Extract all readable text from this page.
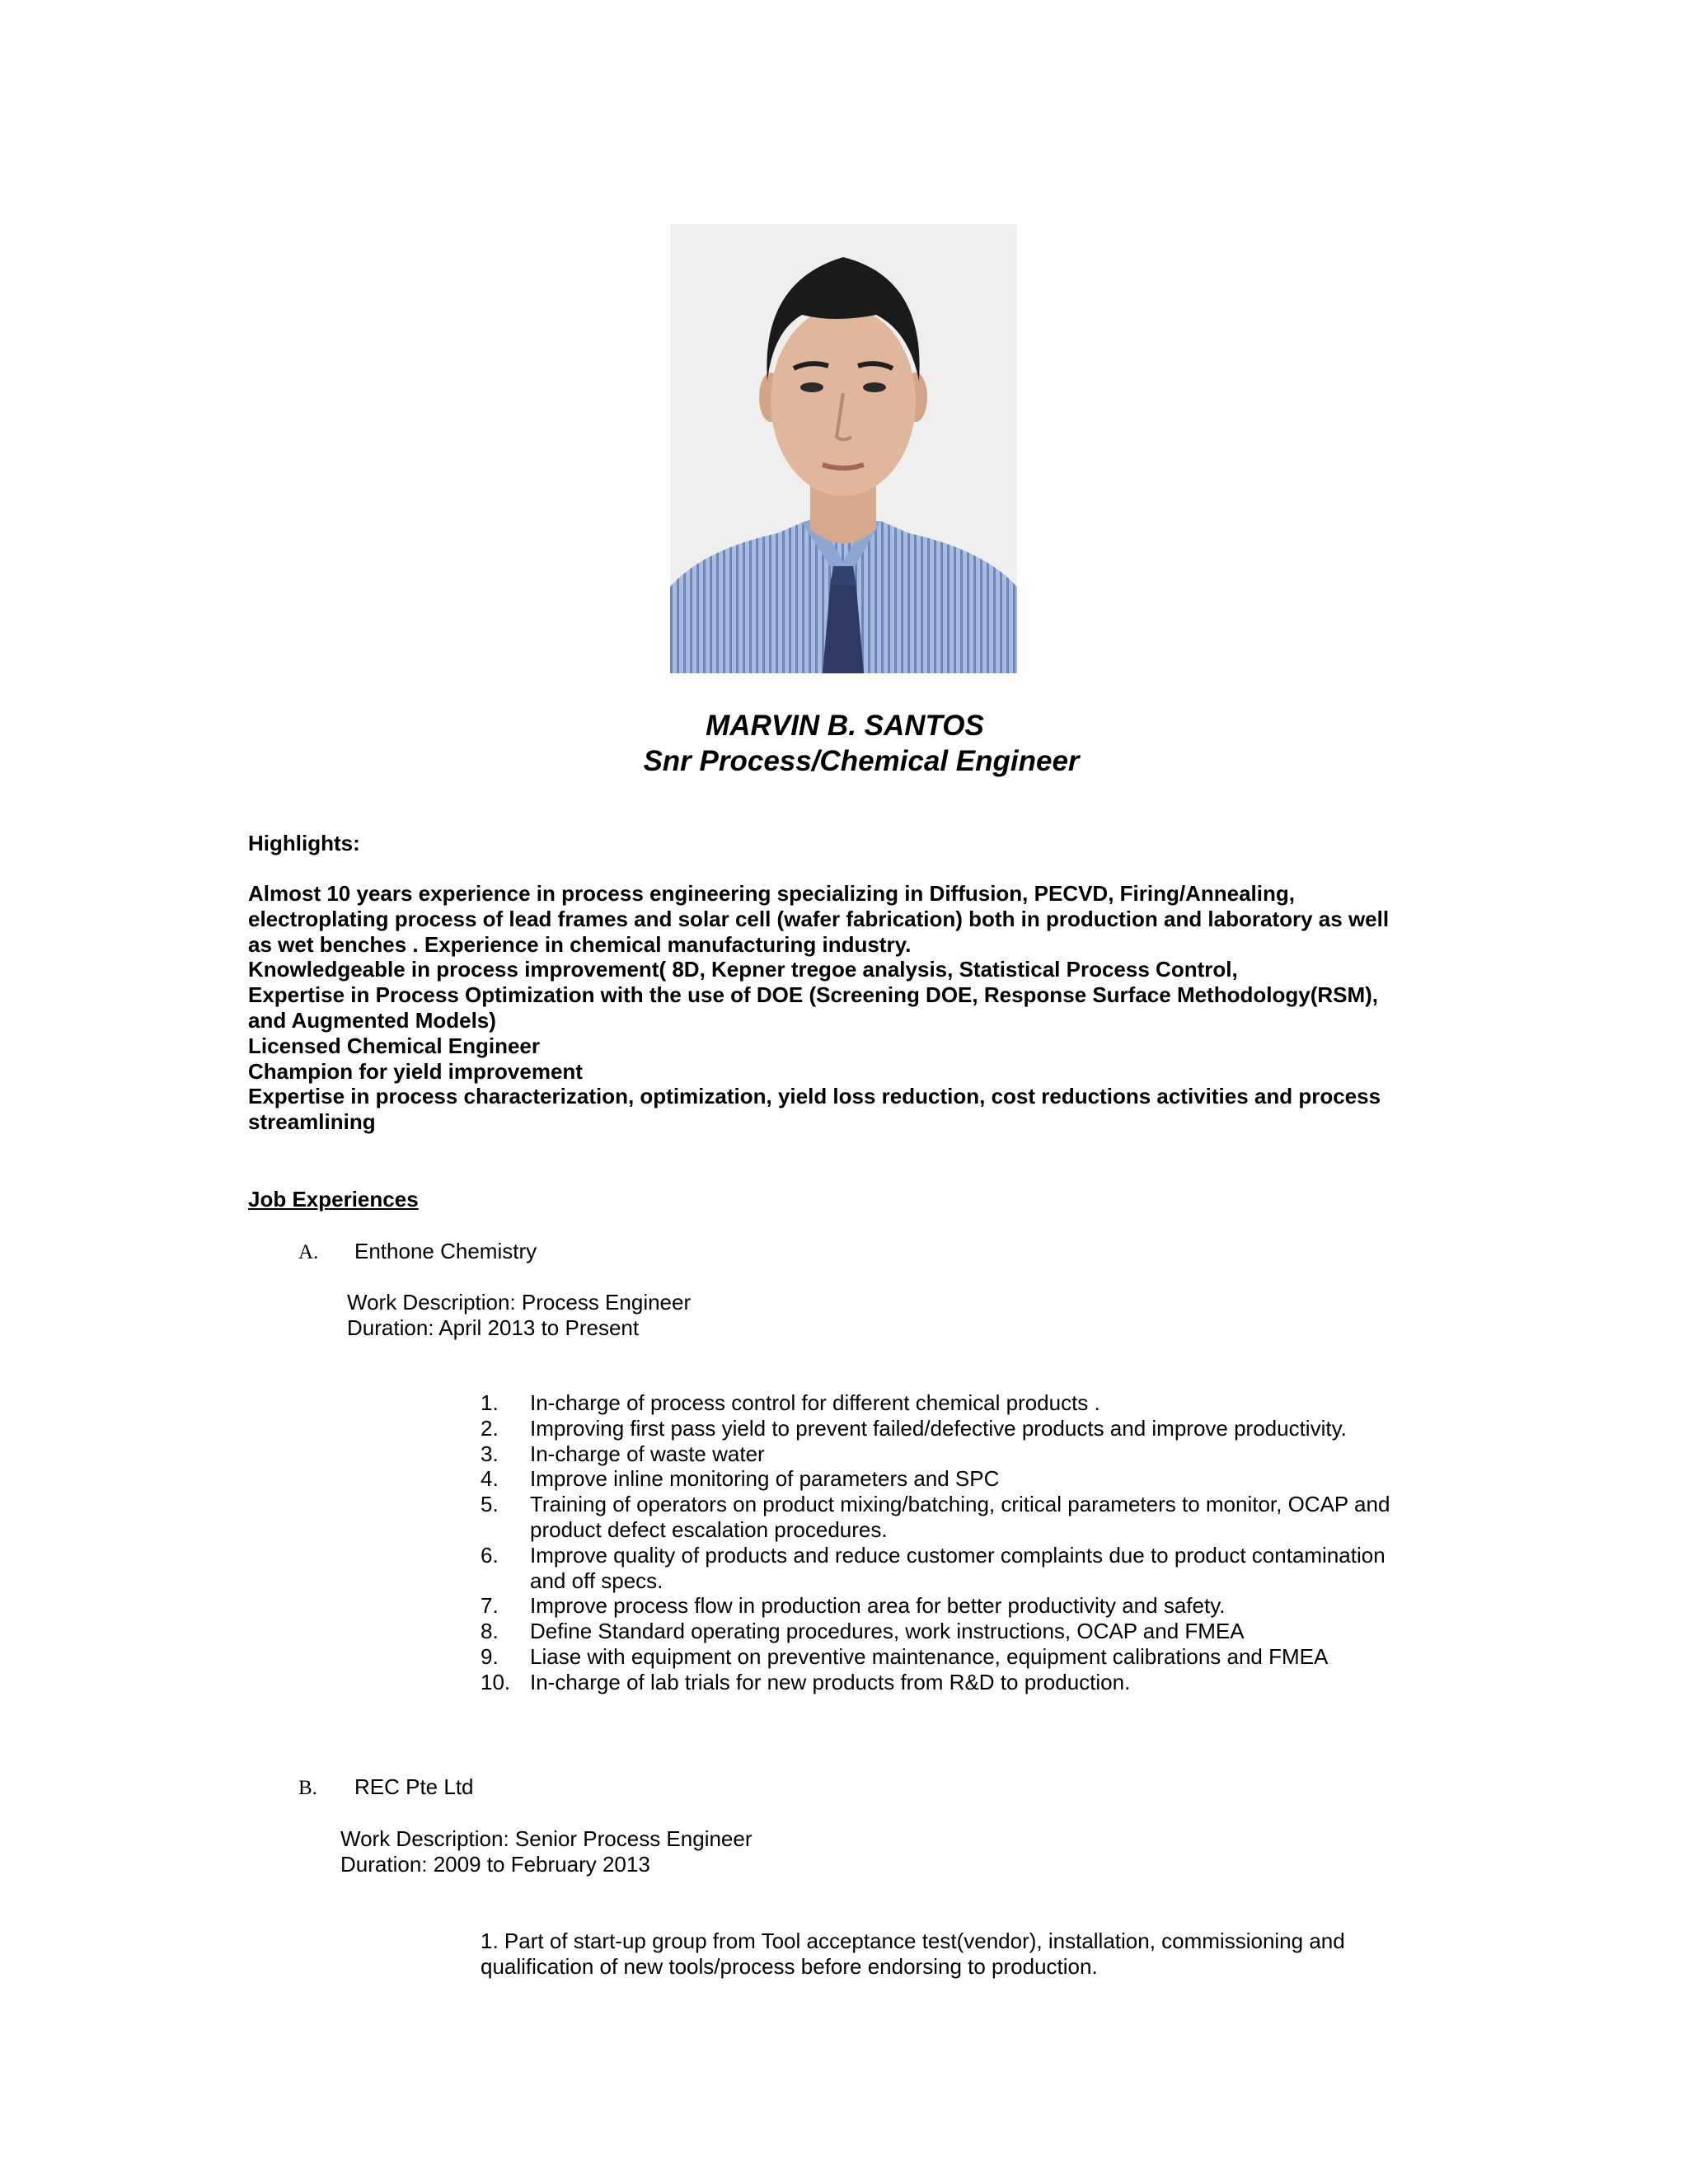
MARVIN B. SANTOS
Snr Process/Chemical Engineer
Highlights:
Almost 10 years experience in process engineering specializing in Diffusion, PECVD, Firing/Annealing,
electroplating process of lead frames and solar cell (wafer fabrication) both in production and laboratory as well
as wet benches . Experience in chemical manufacturing industry.
Knowledgeable in process improvement( 8D, Kepner tregoe analysis, Statistical Process Control,
Expertise in Process Optimization with the use of DOE (Screening DOE, Response Surface Methodology(RSM),
and Augmented Models)
Licensed Chemical Engineer
Champion for yield improvement
Expertise in process characterization, optimization, yield loss reduction, cost reductions activities and process
streamlining
Job Experiences
A. Enthone Chemistry
Work Description: Process Engineer
Duration: April 2013 to Present
1. In-charge of process control for different chemical products .
2. Improving first pass yield to prevent failed/defective products and improve productivity.
3. In-charge of waste water
4. Improve inline monitoring of parameters and SPC
5. Training of operators on product mixing/batching, critical parameters to monitor, OCAP and
product defect escalation procedures.
6. Improve quality of products and reduce customer complaints due to product contamination
and off specs.
7. Improve process flow in production area for better productivity and safety.
8. Define Standard operating procedures, work instructions, OCAP and FMEA
9. Liase with equipment on preventive maintenance, equipment calibrations and FMEA
10. In-charge of lab trials for new products from R&D to production.
B. REC Pte Ltd
Work Description: Senior Process Engineer
Duration: 2009 to February 2013
1. Part of start-up group from Tool acceptance test(vendor), installation, commissioning and
qualification of new tools/process before endorsing to production.
